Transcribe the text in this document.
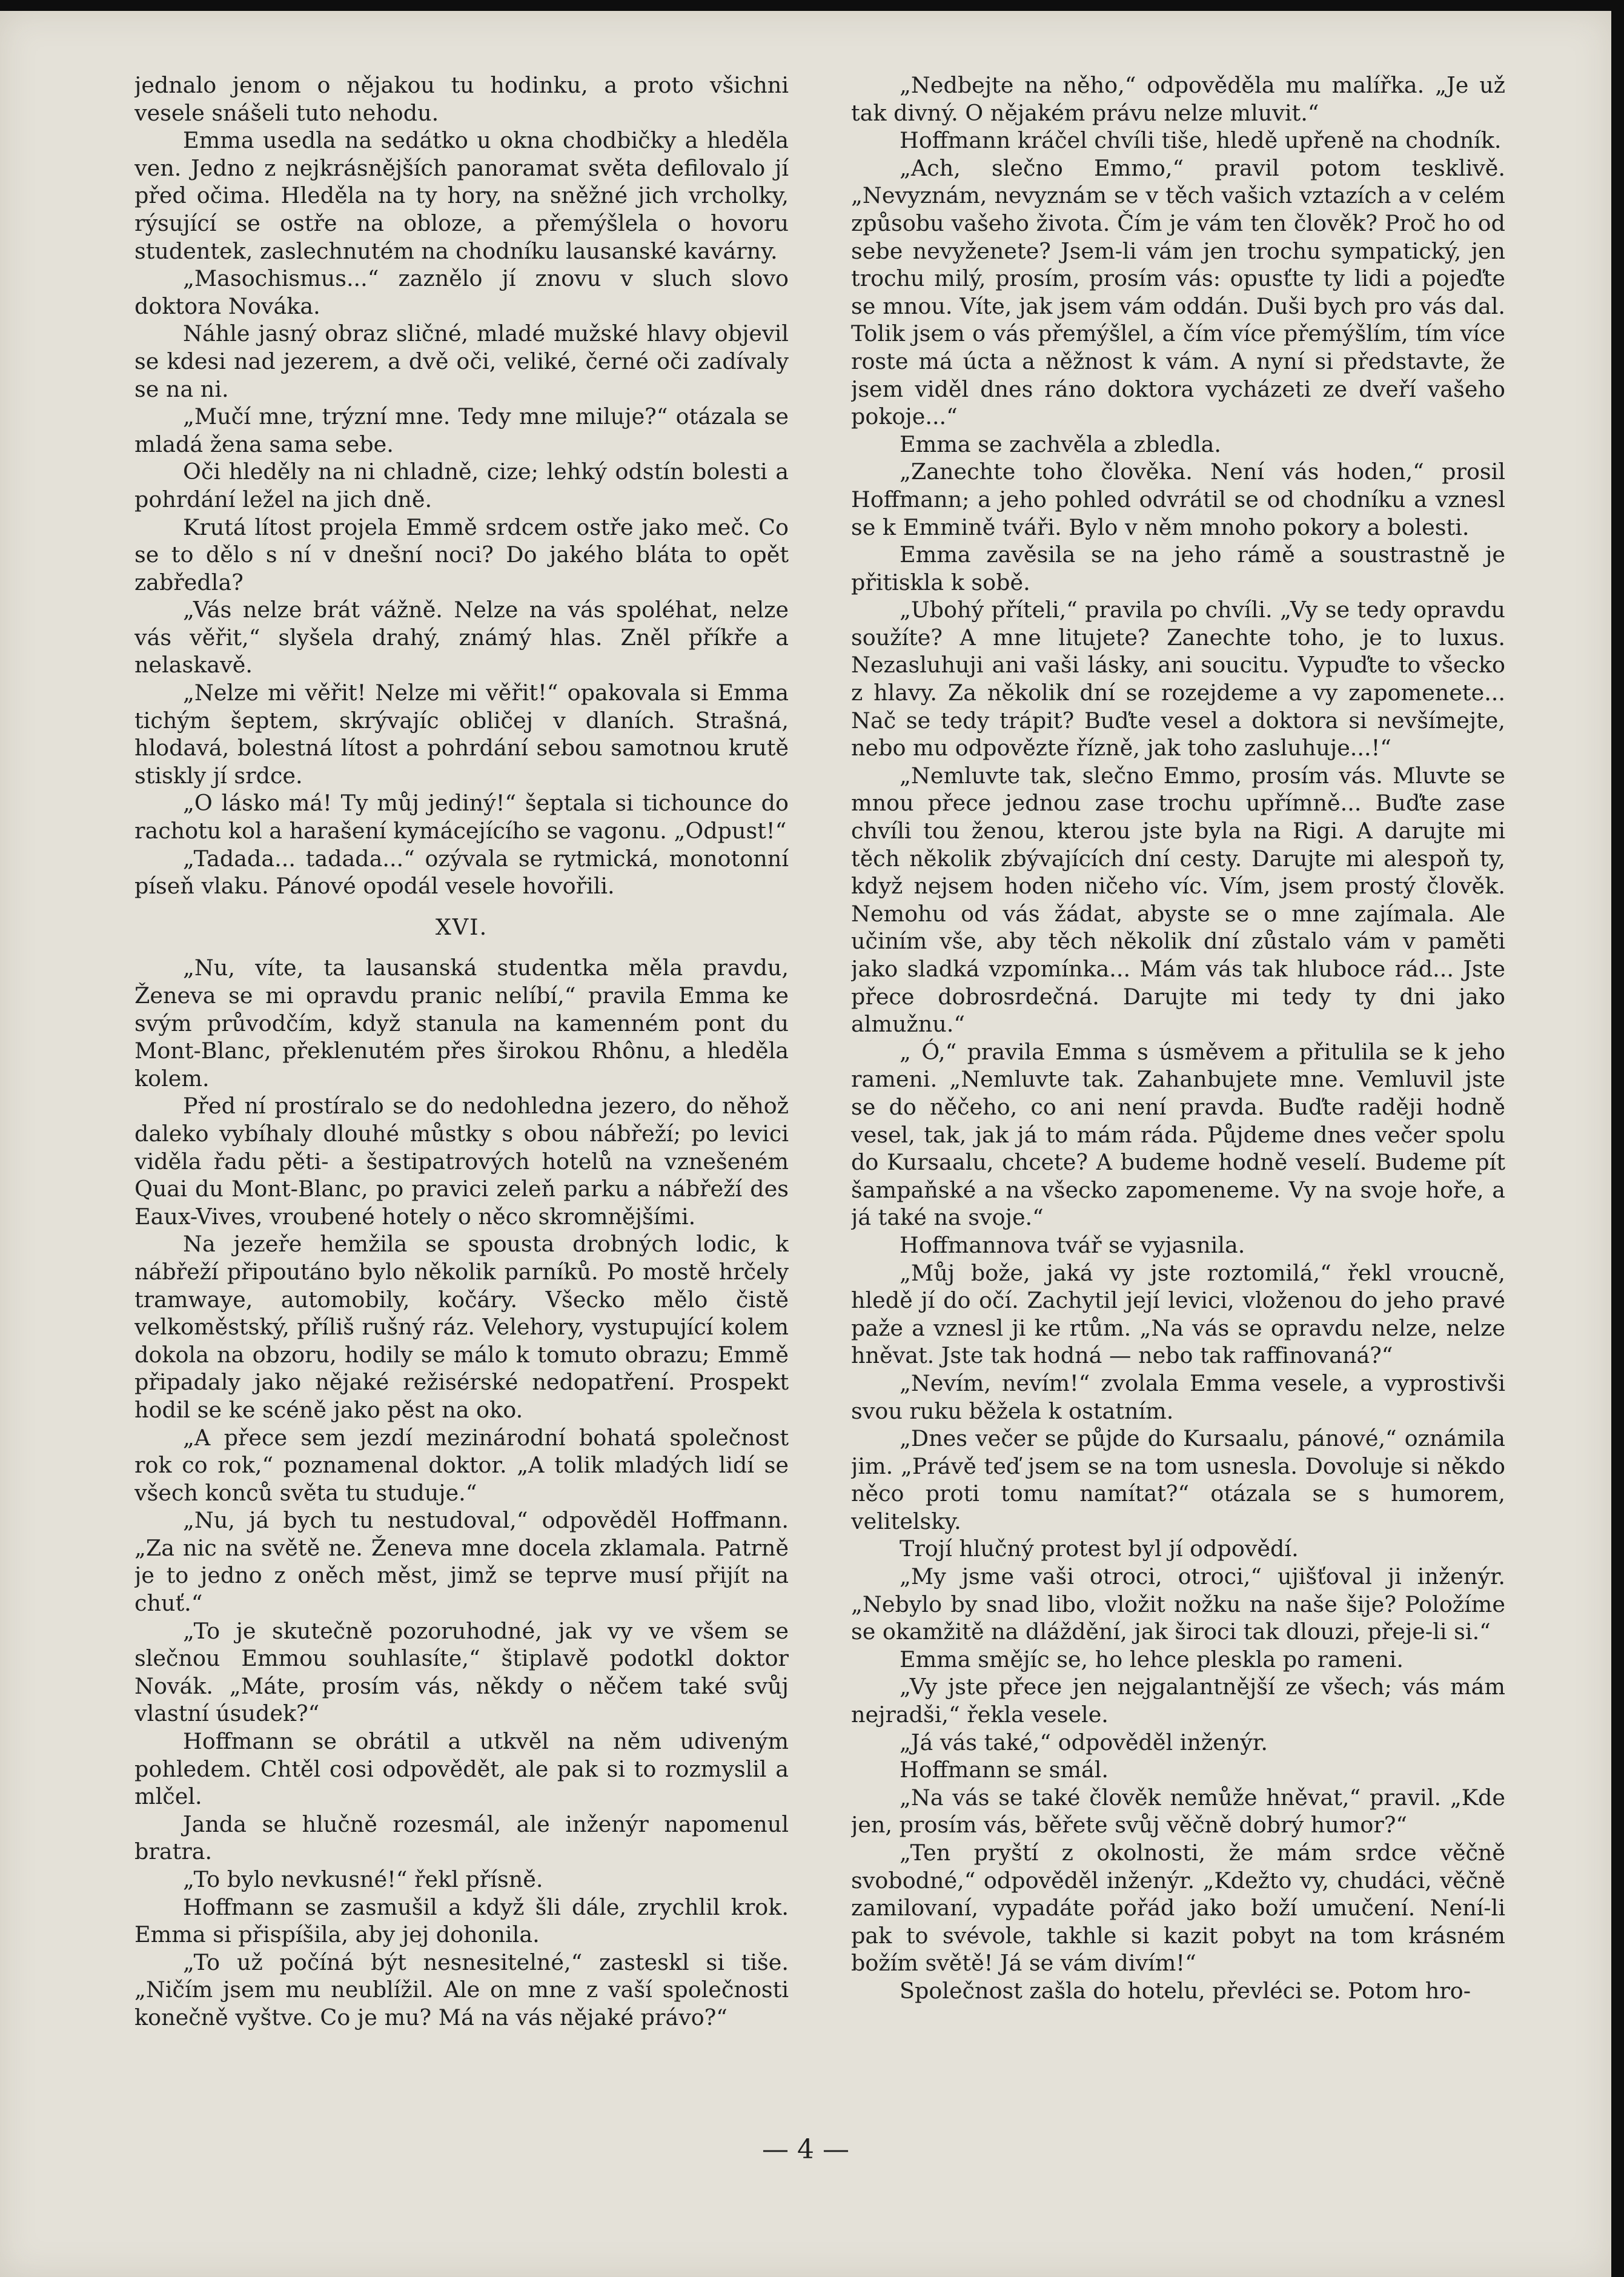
jednalo jenom o nějakou tu hodinku, a proto všichni vesele snášeli tuto nehodu.

Emma usedla na sedátko u okna chodbičky a hleděla ven. Jedno z nejkrásnějších panoramat světa defilovalo jí před očima. Hleděla na ty hory, na sněžné jich vrcholky, rýsující se ostře na obloze, a přemýšlela o hovoru studentek, zaslechnutém na chodníku lausanské kavárny.

„Masochismus...“ zaznělo jí znovu v sluch slovo doktora Nováka.

Náhle jasný obraz sličné, mladé mužské hlavy objevil se kdesi nad jezerem, a dvě oči, veliké, černé oči zadívaly se na ni.

„Mučí mne, trýzní mne. Tedy mne miluje?“ otázala se mladá žena sama sebe.

Oči hleděly na ni chladně, cize; lehký odstín bolesti a pohrdání ležel na jich dně.

Krutá lítost projela Emmě srdcem ostře jako meč. Co se to dělo s ní v dnešní noci? Do jakého bláta to opět zabředla?

„Vás nelze brát vážně. Nelze na vás spoléhat, nelze vás věřit,“ slyšela drahý, známý hlas. Zněl příkře a nelaskavě.

„Nelze mi věřit! Nelze mi věřit!“ opakovala si Emma tichým šeptem, skrývajíc obličej v dlaních. Strašná, hlodavá, bolestná lítost a pohrdání sebou samotnou krutě stiskly jí srdce.

„O lásko má! Ty můj jediný!“ šeptala si tichounce do rachotu kol a harašení kymácejícího se vagonu. „Odpust!“

„Tadada... tadada...“ ozývala se rytmická, monotonní píseň vlaku. Pánové opodál vesele hovořili.

XVI.

„Nu, víte, ta lausanská studentka měla pravdu, Ženeva se mi opravdu pranic nelíbí,“ pravila Emma ke svým průvodčím, když stanula na kamenném pont du Mont-Blanc, překlenutém přes širokou Rhônu, a hleděla kolem.

Před ní prostíralo se do nedohledna jezero, do něhož daleko vybíhaly dlouhé můstky s obou nábřeží; po levici viděla řadu pěti- a šestipatrových hotelů na vznešeném Quai du Mont-Blanc, po pravici zeleň parku a nábřeží des Eaux-Vives, vroubené hotely o něco skromnějšími.

Na jezeře hemžila se spousta drobných lodic, k nábřeží připoutáno bylo několik parníků. Po mostě hrčely tramwaye, automobily, kočáry. Všecko mělo čistě velkoměstský, příliš rušný ráz. Velehory, vystupující kolem dokola na obzoru, hodily se málo k tomuto obrazu; Emmě připadaly jako nějaké režisérské nedopatření. Prospekt hodil se ke scéně jako pěst na oko.

„A přece sem jezdí mezinárodní bohatá společnost rok co rok,“ poznamenal doktor. „A tolik mladých lidí se všech konců světa tu studuje.“

„Nu, já bych tu nestudoval,“ odpověděl Hoffmann. „Za nic na světě ne. Ženeva mne docela zklamala. Patrně je to jedno z oněch měst, jimž se teprve musí přijít na chuť.“

„To je skutečně pozoruhodné, jak vy ve všem se slečnou Emmou souhlasíte,“ štiplavě podotkl doktor Novák. „Máte, prosím vás, někdy o něčem také svůj vlastní úsudek?“

Hoffmann se obrátil a utkvěl na něm udiveným pohledem. Chtěl cosi odpovědět, ale pak si to rozmyslil a mlčel.

Janda se hlučně rozesmál, ale inženýr napomenul bratra.

„To bylo nevkusné!“ řekl přísně.

Hoffmann se zasmušil a když šli dále, zrychlil krok. Emma si přispíšila, aby jej dohonila.

„To už počíná být nesnesitelné,“ zasteskl si tiše. „Ničím jsem mu neublížil. Ale on mne z vaší společnosti konečně vyštve. Co je mu? Má na vás nějaké právo?“

„Nedbejte na něho,“ odpověděla mu malířka. „Je už tak divný. O nějakém právu nelze mluvit.“

Hoffmann kráčel chvíli tiše, hledě upřeně na chodník.

„Ach, slečno Emmo,“ pravil potom tesklivě. „Nevyznám, nevyznám se v těch vašich vztazích a v celém způsobu vašeho života. Čím je vám ten člověk? Proč ho od sebe nevyženete? Jsem-li vám jen trochu sympatický, jen trochu milý, prosím, prosím vás: opusťte ty lidi a pojeďte se mnou. Víte, jak jsem vám oddán. Duši bych pro vás dal. Tolik jsem o vás přemýšlel, a čím více přemýšlím, tím více roste má úcta a něžnost k vám. A nyní si představte, že jsem viděl dnes ráno doktora vycházeti ze dveří vašeho pokoje...“

Emma se zachvěla a zbledla.

„Zanechte toho člověka. Není vás hoden,“ prosil Hoffmann; a jeho pohled odvrátil se od chodníku a vznesl se k Emmině tváři. Bylo v něm mnoho pokory a bolesti.

Emma zavěsila se na jeho rámě a soustrastně je přitiskla k sobě.

„Ubohý příteli,“ pravila po chvíli. „Vy se tedy opravdu soužíte? A mne litujete? Zanechte toho, je to luxus. Nezasluhuji ani vaši lásky, ani soucitu. Vypuďte to všecko z hlavy. Za několik dní se rozejdeme a vy zapomenete... Nač se tedy trápit? Buďte vesel a doktora si nevšímejte, nebo mu odpovězte řízně, jak toho zasluhuje...!“

„Nemluvte tak, slečno Emmo, prosím vás. Mluvte se mnou přece jednou zase trochu upřímně... Buďte zase chvíli tou ženou, kterou jste byla na Rigi. A darujte mi těch několik zbývajících dní cesty. Darujte mi alespoň ty, když nejsem hoden ničeho víc. Vím, jsem prostý člověk. Nemohu od vás žádat, abyste se o mne zajímala. Ale učiním vše, aby těch několik dní zůstalo vám v paměti jako sladká vzpomínka... Mám vás tak hluboce rád... Jste přece dobrosrdečná. Darujte mi tedy ty dni jako almužnu.“

„ Ó,“ pravila Emma s úsměvem a přitulila se k jeho rameni. „Nemluvte tak. Zahanbujete mne. Vemluvil jste se do něčeho, co ani není pravda. Buďte raději hodně vesel, tak, jak já to mám ráda. Půjdeme dnes večer spolu do Kursaalu, chcete? A budeme hodně veselí. Budeme pít šampaňské a na všecko zapomeneme. Vy na svoje hoře, a já také na svoje.“

Hoffmannova tvář se vyjasnila.

„Můj bože, jaká vy jste roztomilá,“ řekl vroucně, hledě jí do očí. Zachytil její levici, vloženou do jeho pravé paže a vznesl ji ke rtům. „Na vás se opravdu nelze, nelze hněvat. Jste tak hodná — nebo tak raffinovaná?“

„Nevím, nevím!“ zvolala Emma vesele, a vyprostivši svou ruku běžela k ostatním.

„Dnes večer se půjde do Kursaalu, pánové,“ oznámila jim. „Právě teď jsem se na tom usnesla. Dovoluje si někdo něco proti tomu namítat?“ otázala se s humorem, velitelsky.

Trojí hlučný protest byl jí odpovědí.

„My jsme vaši otroci, otroci,“ ujišťoval ji inženýr. „Nebylo by snad libo, vložit nožku na naše šije? Položíme se okamžitě na dláždění, jak široci tak dlouzi, přeje-li si.“

Emma smějíc se, ho lehce pleskla po rameni.

„Vy jste přece jen nejgalantnější ze všech; vás mám nejradši,“ řekla vesele.

„Já vás také,“ odpověděl inženýr.

Hoffmann se smál.

„Na vás se také člověk nemůže hněvat,“ pravil. „Kde jen, prosím vás, běřete svůj věčně dobrý humor?“

„Ten pryští z okolnosti, že mám srdce věčně svobodné,“ odpověděl inženýr. „Kdežto vy, chudáci, věčně zamilovaní, vypadáte pořád jako boží umučení. Není-li pak to svévole, takhle si kazit pobyt na tom krásném božím světě! Já se vám divím!“

Společnost zašla do hotelu, převléci se. Potom hro-

— 4 —
